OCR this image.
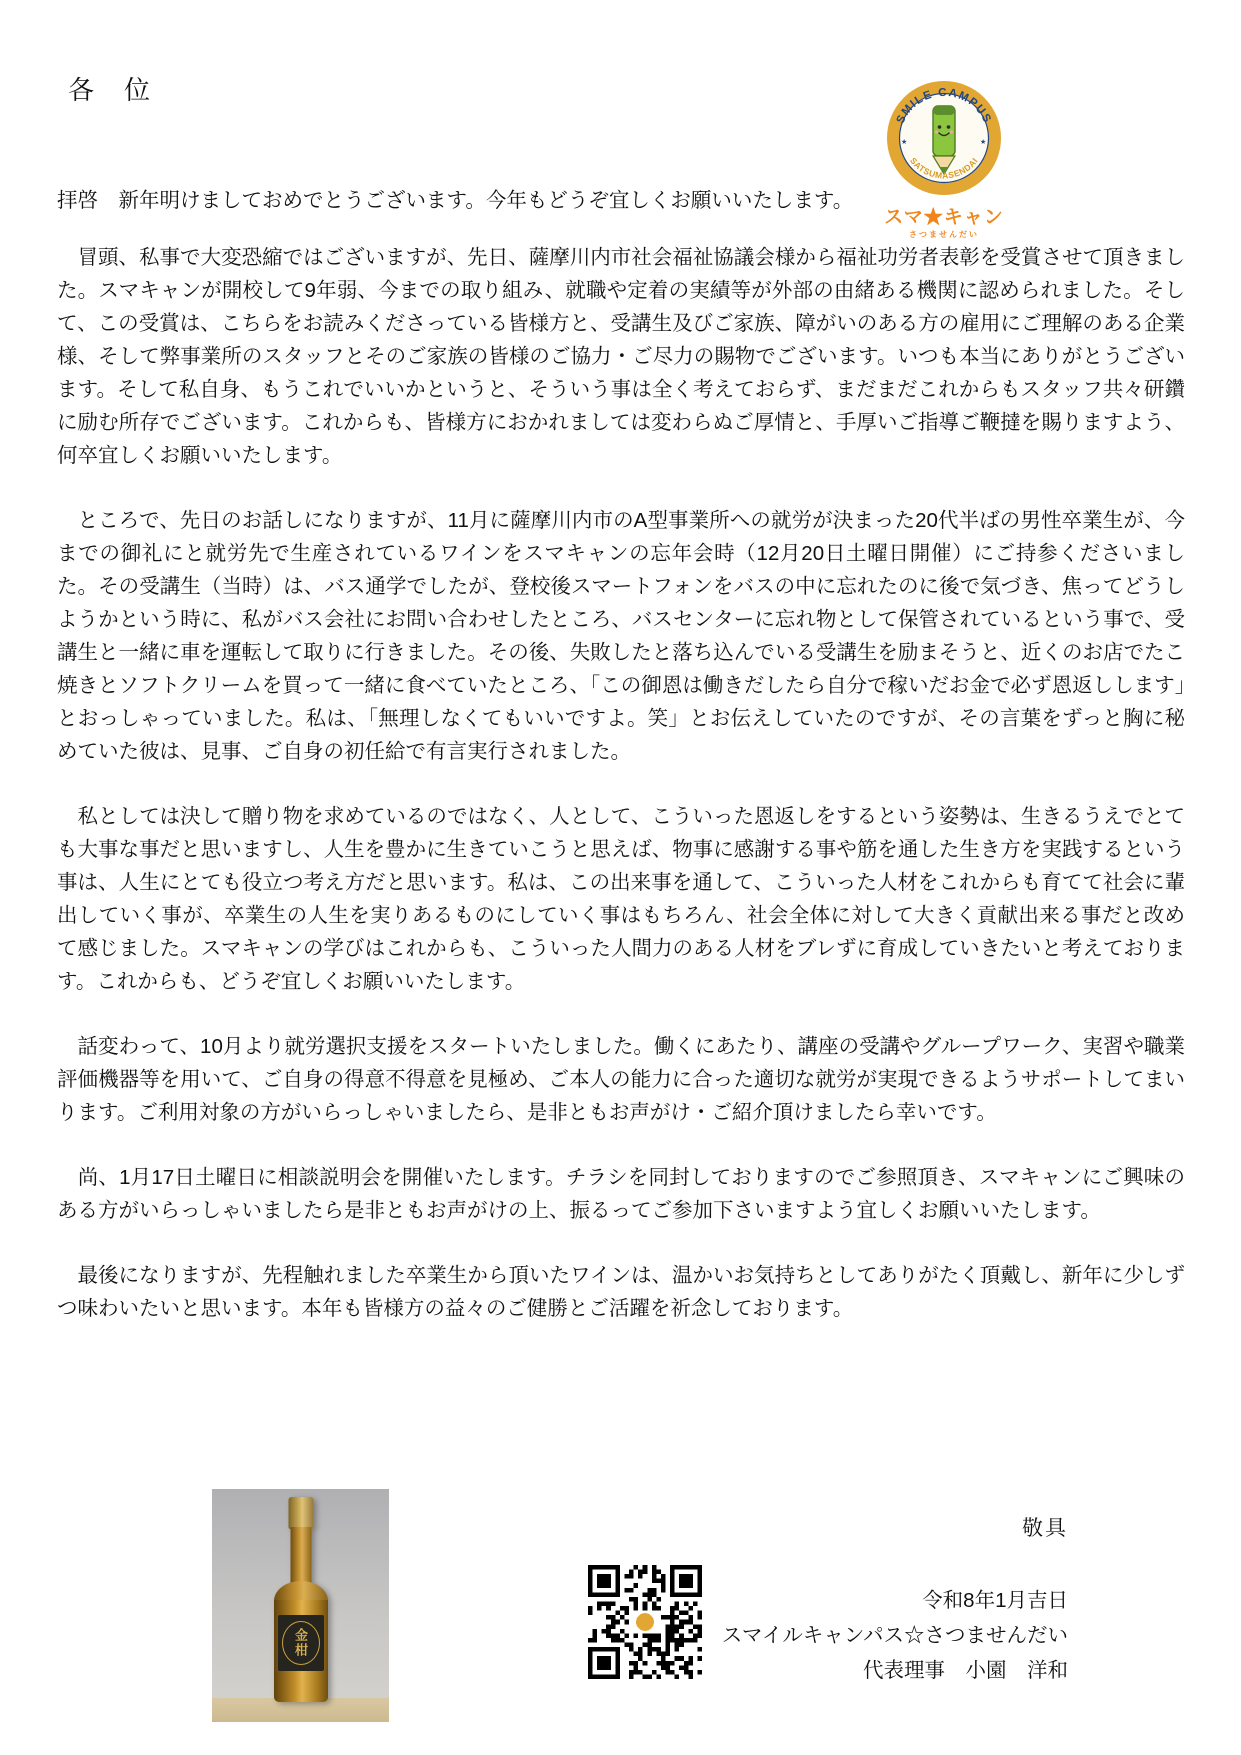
各　位
SMILE CAMPUS
★	★
SATSUMASENDAI
スマ★キャン
さつませんだい
拝啓　新年明けましておめでとうございます。今年もどうぞ宜しくお願いいたします。

　冒頭、私事で大変恐縮ではございますが、先日、薩摩川内市社会福祉協議会様から福祉功労者表彰を受賞させて頂きました。スマキャンが開校して9年弱、今までの取り組み、就職や定着の実績等が外部の由緒ある機関に認められました。そして、この受賞は、こちらをお読みくださっている皆様方と、受講生及びご家族、障がいのある方の雇用にご理解のある企業様、そして弊事業所のスタッフとそのご家族の皆様のご協力・ご尽力の賜物でございます。いつも本当にありがとうございます。そして私自身、もうこれでいいかというと、そういう事は全く考えておらず、まだまだこれからもスタッフ共々研鑽に励む所存でございます。これからも、皆様方におかれましては変わらぬご厚情と、手厚いご指導ご鞭撻を賜りますよう、何卒宜しくお願いいたします。

　ところで、先日のお話しになりますが、11月に薩摩川内市のA型事業所への就労が決まった20代半ばの男性卒業生が、今までの御礼にと就労先で生産されているワインをスマキャンの忘年会時（12月20日土曜日開催）にご持参くださいました。その受講生（当時）は、バス通学でしたが、登校後スマートフォンをバスの中に忘れたのに後で気づき、焦ってどうしようかという時に、私がバス会社にお問い合わせしたところ、バスセンターに忘れ物として保管されているという事で、受講生と一緒に車を運転して取りに行きました。その後、失敗したと落ち込んでいる受講生を励まそうと、近くのお店でたこ焼きとソフトクリームを買って一緒に食べていたところ、「この御恩は働きだしたら自分で稼いだお金で必ず恩返しします」とおっしゃっていました。私は、「無理しなくてもいいですよ。笑」とお伝えしていたのですが、その言葉をずっと胸に秘めていた彼は、見事、ご自身の初任給で有言実行されました。

　私としては決して贈り物を求めているのではなく、人として、こういった恩返しをするという姿勢は、生きるうえでとても大事な事だと思いますし、人生を豊かに生きていこうと思えば、物事に感謝する事や筋を通した生き方を実践するという事は、人生にとても役立つ考え方だと思います。私は、この出来事を通して、こういった人材をこれからも育てて社会に輩出していく事が、卒業生の人生を実りあるものにしていく事はもちろん、社会全体に対して大きく貢献出来る事だと改めて感じました。スマキャンの学びはこれからも、こういった人間力のある人材をブレずに育成していきたいと考えております。これからも、どうぞ宜しくお願いいたします。

　話変わって、10月より就労選択支援をスタートいたしました。働くにあたり、講座の受講やグループワーク、実習や職業評価機器等を用いて、ご自身の得意不得意を見極め、ご本人の能力に合った適切な就労が実現できるようサポートしてまいります。ご利用対象の方がいらっしゃいましたら、是非ともお声がけ・ご紹介頂けましたら幸いです。

　尚、1月17日土曜日に相談説明会を開催いたします。チラシを同封しておりますのでご参照頂き、スマキャンにご興味のある方がいらっしゃいましたら是非ともお声がけの上、振るってご参加下さいますよう宜しくお願いいたします。

　最後になりますが、先程触れました卒業生から頂いたワインは、温かいお気持ちとしてありがたく頂戴し、新年に少しずつ味わいたいと思います。本年も皆様方の益々のご健勝とご活躍を祈念しております。

敬具
金柑
令和8年1月吉日
スマイルキャンパス☆さつませんだい
代表理事　小園　洋和
